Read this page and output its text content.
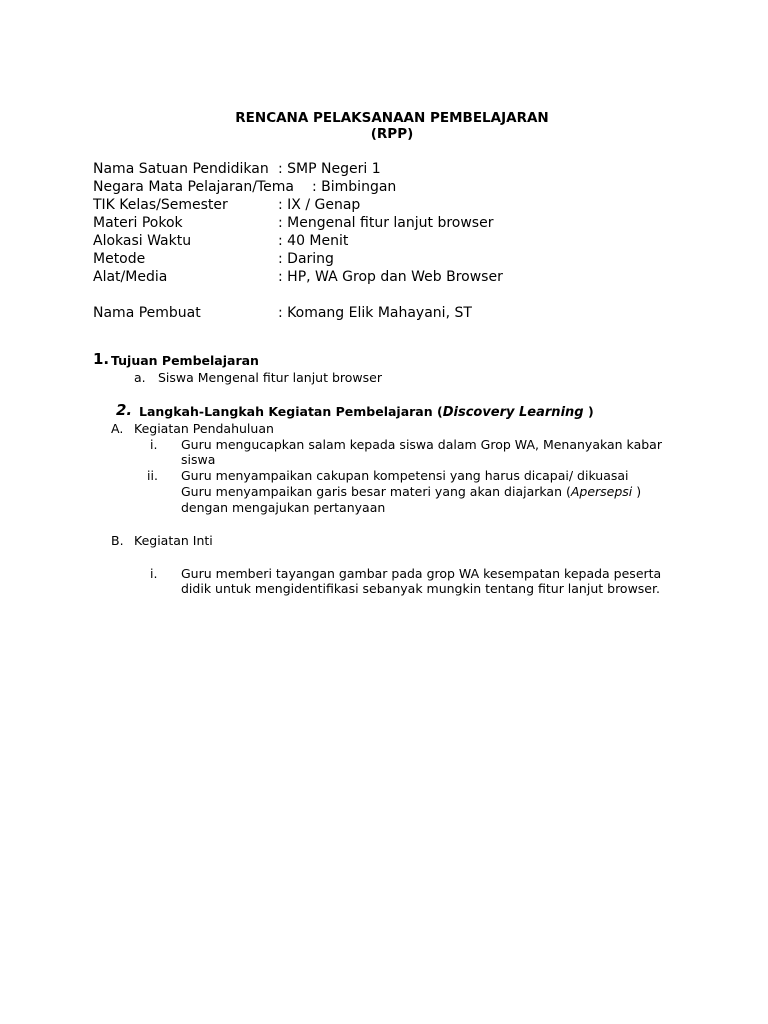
RENCANA PELAKSANAAN PEMBELAJARAN
(RPP)
Nama Satuan Pendidikan : SMP Negeri 1
Negara Mata Pelajaran/Tema : Bimbingan
TIK Kelas/Semester	: IX / Genap
Materi Pokok	: Mengenal fitur lanjut browser
Alokasi Waktu	: 40 Menit
Metode	: Daring
Alat/Media	: HP, WA Grop dan Web Browser
Nama Pembuat	: Komang Elik Mahayani, ST
1. Tujuan Pembelajaran
a. Siswa Mengenal fitur lanjut browser
2. Langkah-Langkah Kegiatan Pembelajaran (Discovery Learning )
A. Kegiatan Pendahuluan
i. Guru mengucapkan salam kepada siswa dalam Grop WA, Menanyakan kabar
siswa
ii. Guru menyampaikan cakupan kompetensi yang harus dicapai/ dikuasai
Guru menyampaikan garis besar materi yang akan diajarkan (Apersepsi )
dengan mengajukan pertanyaan
B. Kegiatan Inti
i. Guru memberi tayangan gambar pada grop WA kesempatan kepada peserta
didik untuk mengidentifikasi sebanyak mungkin tentang fitur lanjut browser.
